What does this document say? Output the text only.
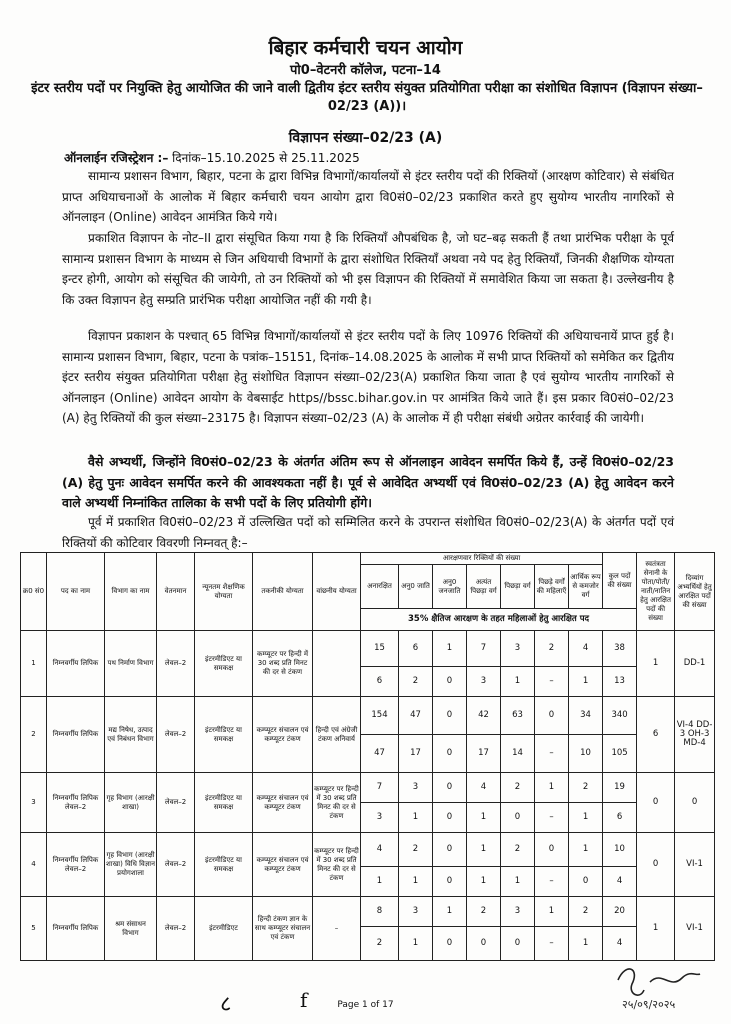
बिहार कर्मचारी चयन आयोग
पो0–वेटनरी कॉलेज, पटना–14
इंटर स्तरीय पदों पर नियुक्ति हेतु आयोजित की जाने वाली द्वितीय इंटर स्तरीय संयुक्त प्रतियोगिता परीक्षा का संशोधित विज्ञापन (विज्ञापन संख्या–02/23 (A))।
विज्ञापन संख्या–02/23 (A)
ऑनलाईन रजिस्ट्रेशन :– दिनांक–15.10.2025 से 25.11.2025
सामान्य प्रशासन विभाग, बिहार, पटना के द्वारा विभिन्न विभागों/कार्यालयों से इंटर स्तरीय पदों की रिक्तियों (आरक्षण कोटिवार) से संबंधित प्राप्त अधियाचनाओं के आलोक में बिहार कर्मचारी चयन आयोग द्वारा वि0सं0–02/23 प्रकाशित करते हुए सुयोग्य भारतीय नागरिकों से ऑनलाइन (Online) आवेदन आमंत्रित किये गये।
प्रकाशित विज्ञापन के नोट–II द्वारा संसूचित किया गया है कि रिक्तियाँ औपबंधिक है, जो घट–बढ़ सकती हैं तथा प्रारंभिक परीक्षा के पूर्व सामान्य प्रशासन विभाग के माध्यम से जिन अधियाची विभागों के द्वारा संशोधित रिक्तियाँ अथवा नये पद हेतु रिक्तियाँ, जिनकी शैक्षणिक योग्यता इन्टर होगी, आयोग को संसूचित की जायेगी, तो उन रिक्तियों को भी इस विज्ञापन की रिक्तियों में समावेशित किया जा सकता है। उल्लेखनीय है कि उक्त विज्ञापन हेतु सम्प्रति प्रारंभिक परीक्षा आयोजित नहीं की गयी है।
विज्ञापन प्रकाशन के पश्चात् 65 विभिन्न विभागों/कार्यालयों से इंटर स्तरीय पदों के लिए 10976 रिक्तियों की अधियाचनायें प्राप्त हुई है। सामान्य प्रशासन विभाग, बिहार, पटना के पत्रांक–15151, दिनांक–14.08.2025 के आलोक में सभी प्राप्त रिक्तियों को समेकित कर द्वितीय इंटर स्तरीय संयुक्त प्रतियोगिता परीक्षा हेतु संशोधित विज्ञापन संख्या–02/23(A) प्रकाशित किया जाता है एवं सुयोग्य भारतीय नागरिकों से ऑनलाइन (Online) आवेदन आयोग के वेबसाईट https//bssc.bihar.gov.in पर आमंत्रित किये जाते हैं। इस प्रकार वि0सं0–02/23 (A) हेतु रिक्तियों की कुल संख्या–23175 है। विज्ञापन संख्या–02/23 (A) के आलोक में ही परीक्षा संबंधी अग्रेतर कार्रवाई की जायेगी।
वैसे अभ्यर्थी, जिन्होंने वि0सं0–02/23 के अंतर्गत अंतिम रूप से ऑनलाइन आवेदन समर्पित किये हैं, उन्हें वि0सं0–02/23 (A) हेतु पुनः आवेदन समर्पित करने की आवश्यकता नहीं है। पूर्व से आवेदित अभ्यर्थी एवं वि0सं0–02/23 (A) हेतु आवेदन करने वाले अभ्यर्थी निम्नांकित तालिका के सभी पदों के लिए प्रतियोगी होंगे।
पूर्व में प्रकाशित वि0सं0–02/23 में उल्लिखित पदों को सम्मिलित करने के उपरान्त संशोधित वि0सं0–02/23(A) के अंतर्गत पदों एवं रिक्तियों की कोटिवार विवरणी निम्नवत् है:–
क्र0 सं0	पद का नाम	विभाग का नाम	वेतनमान	न्यूनतम शैक्षणिक योग्यता	तकनीकी योग्यता	वांछनीय योग्यता	आरक्षणवार रिक्तियों की संख्या							कुल पदों की संख्या	स्वतंत्रता सेनानी के पोता/पोती/नाती/नातिन हेतु आरक्षित पदों की संख्या	दिव्यांग अभ्यर्थियों हेतु आरक्षित पदों की संख्या
							अनारक्षित	अनु0 जाति	अनु0 जनजाति	अत्यंत पिछड़ा वर्ग	पिछड़ा वर्ग	पिछड़े वर्गों की महिलाएँ	आर्थिक रूप से कमजोर वर्ग			
							35% क्षैतिज आरक्षण के तहत महिलाओं हेतु आरक्षित पद									
1	निम्नवर्गीय लिपिक	पथ निर्माण विभाग	लेवल–2	इंटरमीडिएट या समकक्ष	कम्प्यूटर पर हिन्दी में 30 शब्द प्रति मिनट की दर से टंकण		15	6	1	7	3	2	4	38	1	DD-1
							6	2	0	3	1	–	1	13		
2	निम्नवर्गीय लिपिक	मद्य निषेध, उत्पाद एवं निबंधन विभाग	लेवल–2	इंटरमीडिएट या समकक्ष	कम्प्यूटर संचालन एवं कम्प्यूटर टंकण	हिन्दी एवं अंग्रेजी टंकण अनिवार्य	154	47	0	42	63	0	34	340	6	VI-4 DD-3 OH-3 MD-4
							47	17	0	17	14	–	10	105		
3	निम्नवर्गीय लिपिक लेवल–2	गृह विभाग (आरक्षी शाखा)	लेवल–2	इंटरमीडिएट या समकक्ष	कम्प्यूटर संचालन एवं कम्प्यूटर टंकण	कम्प्यूटर पर हिन्दी में 30 शब्द प्रति मिनट की दर से टंकण	7	3	0	4	2	1	2	19	0	0
							3	1	0	1	0	–	1	6		
4	निम्नवर्गीय लिपिक लेवल–2	गृह विभाग (आरक्षी शाखा) विधि विज्ञान प्रयोगशाला	लेवल–2	इंटरमीडिएट या समकक्ष	कम्प्यूटर संचालन एवं कम्प्यूटर टंकण	कम्प्यूटर पर हिन्दी में 30 शब्द प्रति मिनट की दर से टंकण	4	2	0	1	2	0	1	10	0	VI-1
							1	1	0	1	1	–	0	4		
5	निम्नवर्गीय लिपिक	श्रम संसाधन विभाग	लेवल–2	इंटरमीडिएट	हिन्दी टंकण ज्ञान के साथ कम्प्यूटर संचालन एवं टंकण	–	8	3	1	2	3	1	2	20	1	VI-1
							2	1	0	0	0	–	1	4		
८	f	Page 1 of 17	२५/०९/२०२५
